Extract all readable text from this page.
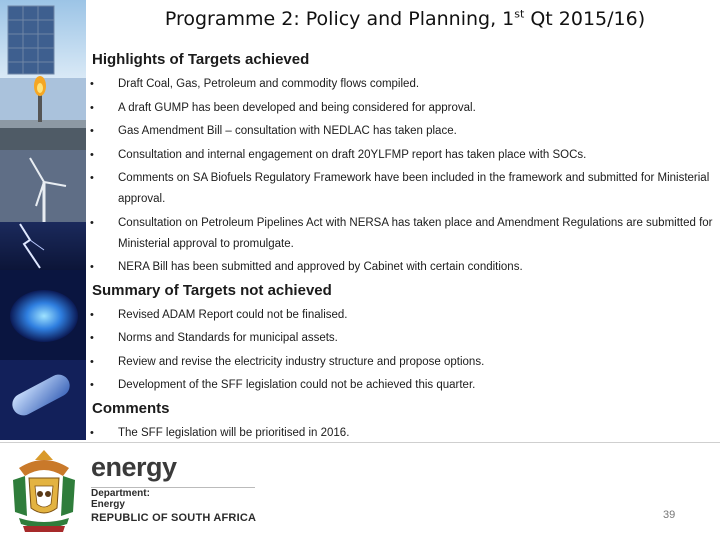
Programme 2: Policy and Planning, 1st Qt 2015/16)
Highlights of Targets achieved
•	Draft Coal, Gas, Petroleum and commodity flows compiled.
•	A draft GUMP has been developed and being considered for approval.
•	Gas Amendment Bill – consultation with NEDLAC has taken place.
•	Consultation and internal engagement on draft 20YLFMP report has taken place with SOCs.
•	Comments on SA Biofuels Regulatory Framework have been included in the framework and submitted for Ministerial approval.
•	Consultation on Petroleum Pipelines Act with NERSA has taken place and Amendment Regulations are submitted for Ministerial approval to promulgate.
•	NERA Bill has been submitted and approved by Cabinet with certain conditions.
Summary of Targets not achieved
•	Revised ADAM Report could not be finalised.
•	Norms and Standards for municipal assets.
•	Review and revise the electricity industry structure and propose options.
•	Development of the SFF legislation could not be achieved this quarter.
Comments
•	The SFF legislation will be prioritised in 2016.
energy
Department:
Energy
REPUBLIC OF SOUTH AFRICA	39
